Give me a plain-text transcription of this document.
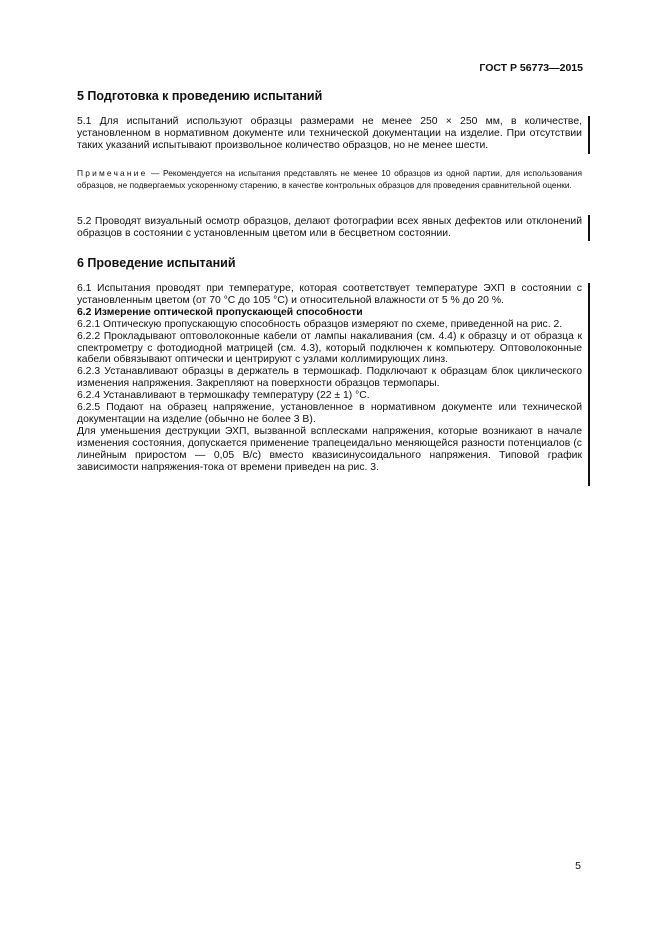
ГОСТ Р 56773—2015
5 Подготовка к проведению испытаний

5.1 Для испытаний используют образцы размерами не менее 250 × 250 мм, в количестве, установленном в нормативном документе или технической документации на изделие. При отсутствии таких указаний испытывают произвольное количество образцов, но не менее шести.

Примечание — Рекомендуется на испытания представлять не менее 10 образцов из одной партии, для использования образцов, не подвергаемых ускоренному старению, в качестве контрольных образцов для проведения сравнительной оценки.

5.2 Проводят визуальный осмотр образцов, делают фотографии всех явных дефектов или отклонений образцов в состоянии с установленным цветом или в бесцветном состоянии.

6 Проведение испытаний

6.1 Испытания проводят при температуре, которая соответствует температуре ЭХП в состоянии с установленным цветом (от 70 °С до 105 °С) и относительной влажности от 5 % до 20 %.

6.2 Измерение оптической пропускающей способности

6.2.1 Оптическую пропускающую способность образцов измеряют по схеме, приведенной на рис. 2.

6.2.2 Прокладывают оптоволоконные кабели от лампы накаливания (см. 4.4) к образцу и от образца к спектрометру с фотодиодной матрицей (см. 4.3), который подключен к компьютеру. Оптоволоконные кабели обвязывают оптически и центрируют с узлами коллимирующих линз.

6.2.3 Устанавливают образцы в держатель в термошкаф. Подключают к образцам блок циклического изменения напряжения. Закрепляют на поверхности образцов термопары.

6.2.4 Устанавливают в термошкафу температуру (22 ± 1) °С.

6.2.5 Подают на образец напряжение, установленное в нормативном документе или технической документации на изделие (обычно не более 3 В).

Для уменьшения деструкции ЭХП, вызванной всплесками напряжения, которые возникают в начале изменения состояния, допускается применение трапецеидально меняющейся разности потенциалов (с линейным приростом — 0,05 В/с) вместо квазисинусоидального напряжения. Типовой график зависимости напряжения-тока от времени приведен на рис. 3.

5
